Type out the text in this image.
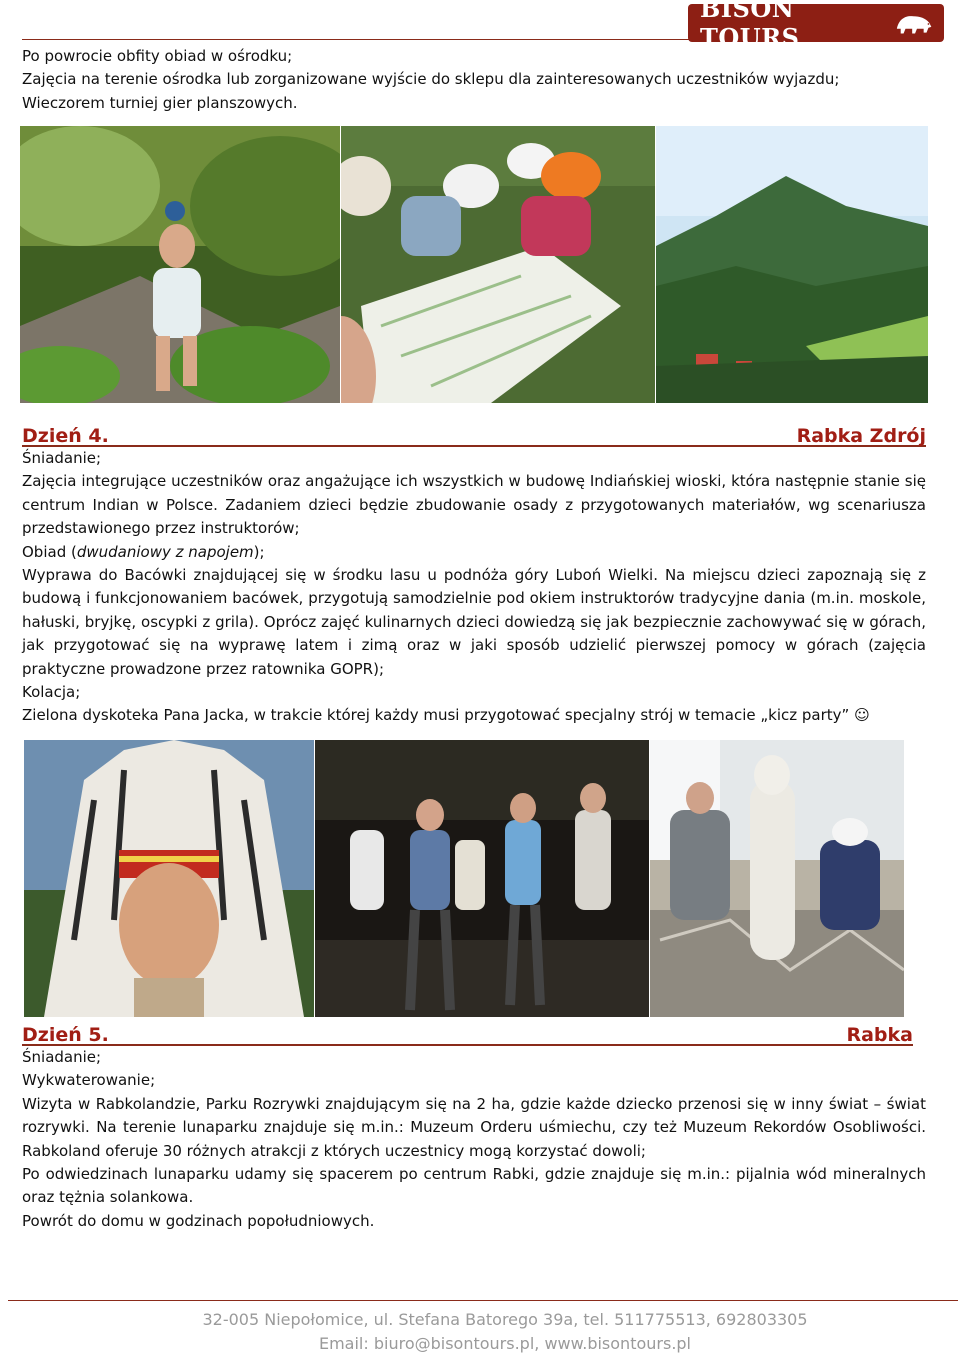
BISON TOURS

Po powrocie obfity obiad w ośrodku;

Zajęcia na terenie ośrodka lub zorganizowane wyjście do sklepu dla zainteresowanych uczestników wyjazdu;

Wieczorem turniej gier planszowych.

Dzień 4.	Rabka Zdrój

Śniadanie;

Zajęcia integrujące uczestników oraz angażujące ich wszystkich w budowę Indiańskiej wioski, która następnie stanie się centrum Indian w Polsce. Zadaniem dzieci będzie zbudowanie osady z przygotowanych materiałów, wg scenariusza przedstawionego przez instruktorów;

Obiad (dwudaniowy z napojem);

Wyprawa do Bacówki znajdującej się w środku lasu u podnóża góry Luboń Wielki. Na miejscu dzieci zapoznają się z budową i funkcjonowaniem bacówek, przygotują samodzielnie pod okiem instruktorów tradycyjne dania (m.in. moskole, hałuski, bryjkę, oscypki z grila). Oprócz zajęć kulinarnych dzieci dowiedzą się jak bezpiecznie zachowywać się w górach, jak przygotować się na wyprawę latem i zimą oraz w jaki sposób udzielić pierwszej pomocy w górach (zajęcia praktyczne prowadzone przez ratownika GOPR);

Kolacja;

Zielona dyskoteka Pana Jacka, w trakcie której każdy musi przygotować specjalny strój w temacie „kicz party” ☺

Dzień 5.	Rabka

Śniadanie;

Wykwaterowanie;

Wizyta w Rabkolandzie, Parku Rozrywki znajdującym się na 2 ha, gdzie każde dziecko przenosi się w inny świat – świat rozrywki. Na terenie lunaparku znajduje się m.in.: Muzeum Orderu uśmiechu, czy też Muzeum Rekordów Osobliwości. Rabkoland oferuje 30 różnych atrakcji z których uczestnicy mogą korzystać dowoli;

Po odwiedzinach lunaparku udamy się spacerem po centrum Rabki, gdzie znajduje się m.in.: pijalnia wód mineralnych oraz tężnia solankowa.

Powrót do domu w godzinach popołudniowych.

32-005 Niepołomice, ul. Stefana Batorego 39a, tel. 511775513, 692803305
Email: biuro@bisontours.pl, www.bisontours.pl
